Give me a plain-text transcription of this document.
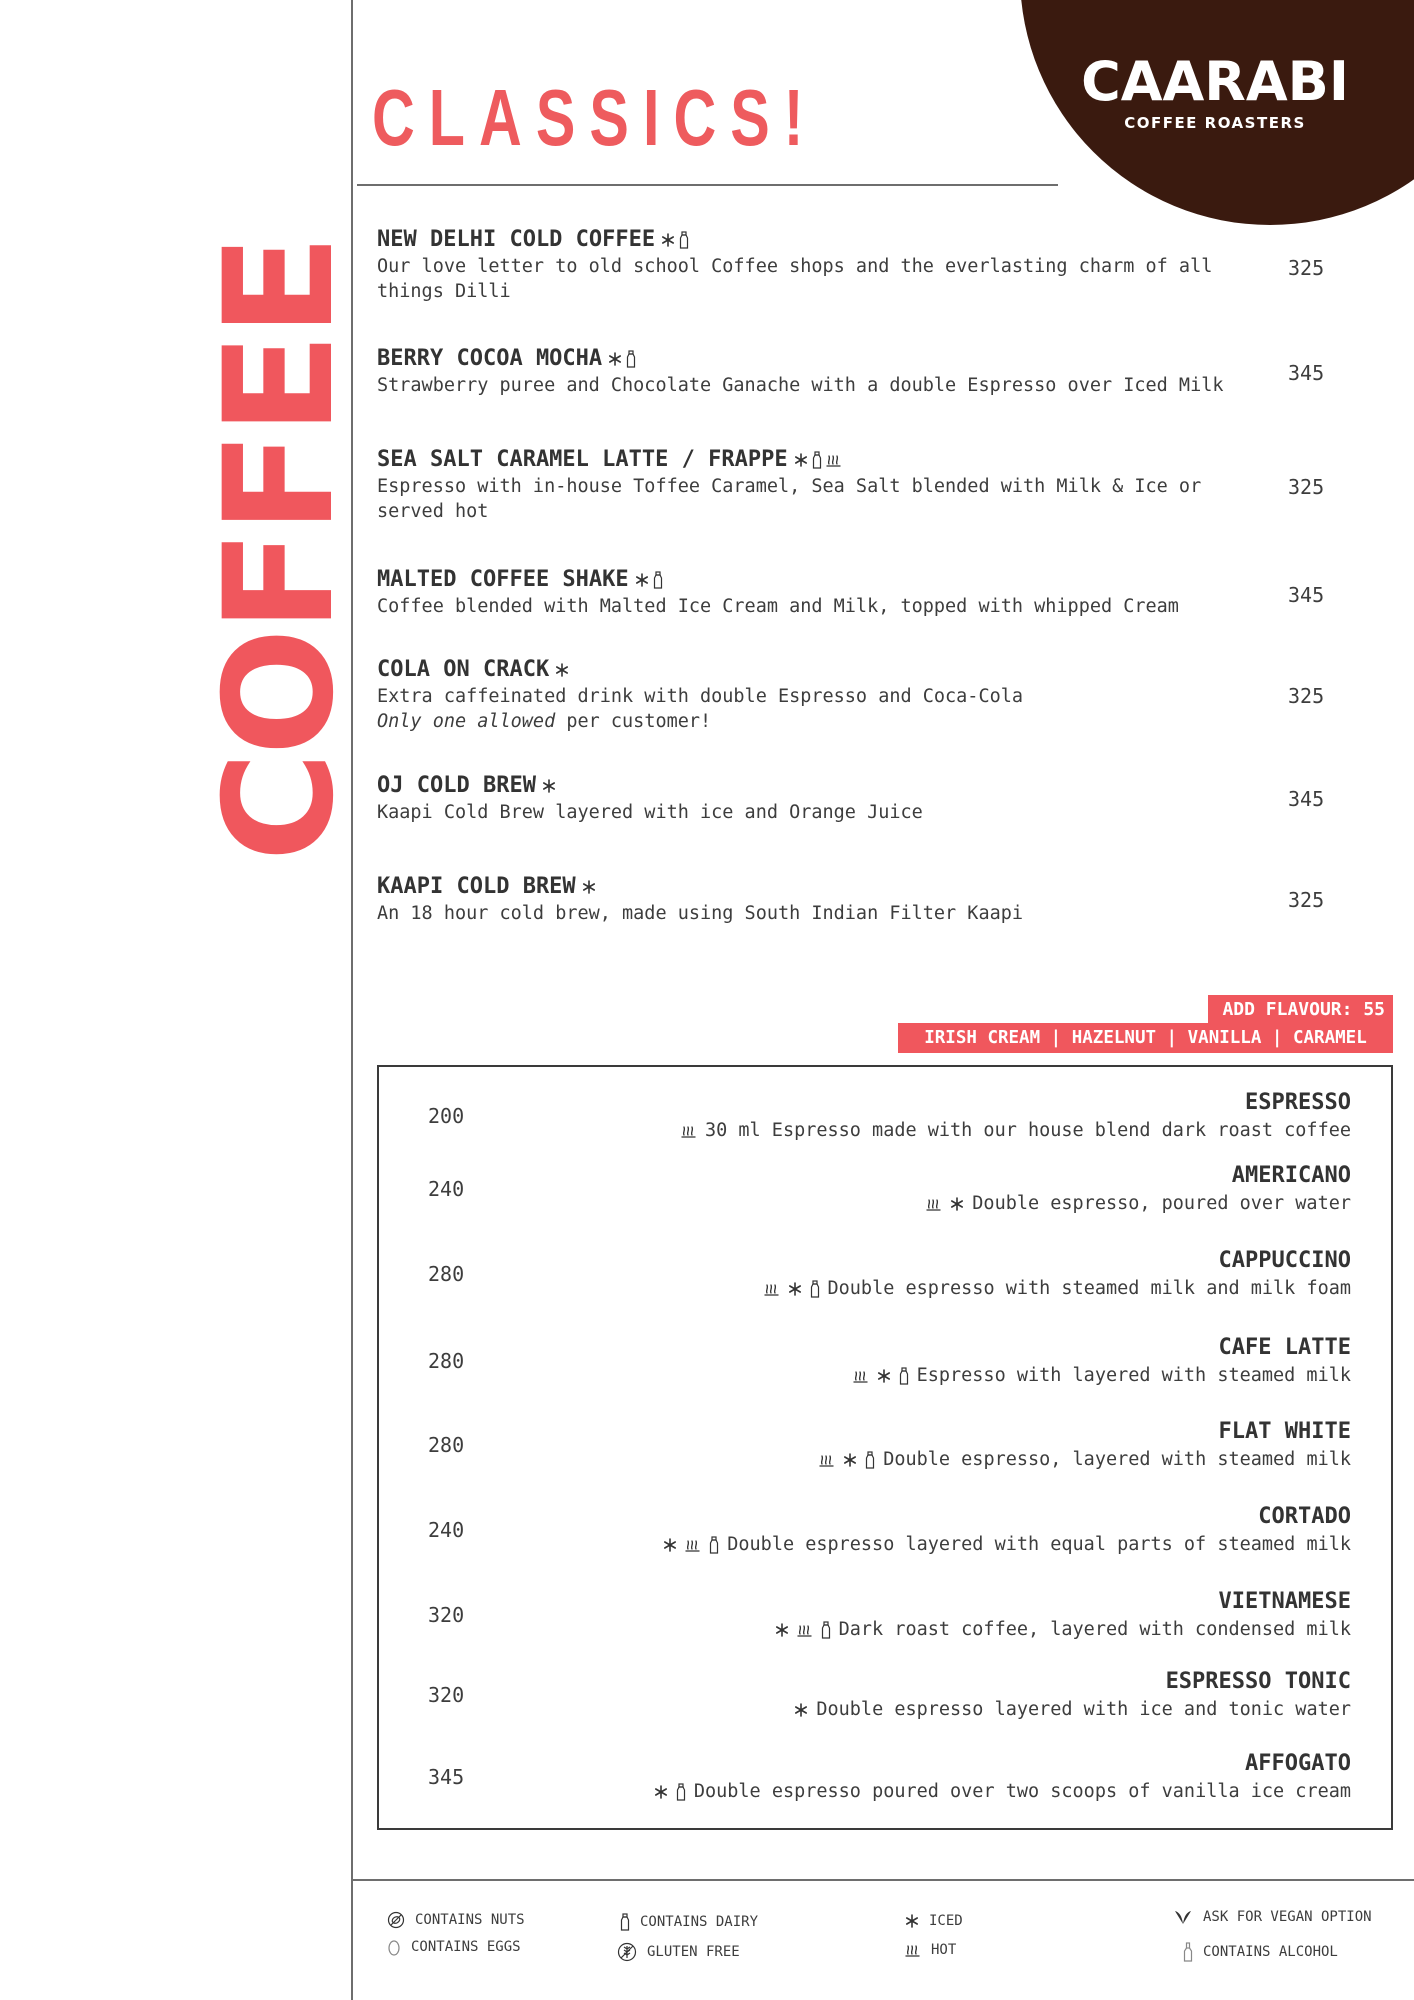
COFFEE
CLASSICS!	CAARABI
COFFEE ROASTERS
NEW DELHI COLD COFFEE
Our love letter to old school Coffee shops and the everlasting charm of all things Dilli
325
BERRY COCOA MOCHA
Strawberry puree and Chocolate Ganache with a double Espresso over Iced Milk
345
SEA SALT CARAMEL LATTE / FRAPPE
Espresso with in-house Toffee Caramel, Sea Salt blended with Milk & Ice or served hot
325
MALTED COFFEE SHAKE
Coffee blended with Malted Ice Cream and Milk, topped with whipped Cream	345
COLA ON CRACK
Extra caffeinated drink with double Espresso and Coca-Cola
Only one allowed per customer!
325
OJ COLD BREW
Kaapi Cold Brew layered with ice and Orange Juice
345
KAAPI COLD BREW
An 18 hour cold brew, made using South Indian Filter Kaapi
325
ADD FLAVOUR: 55
IRISH CREAM | HAZELNUT | VANILLA | CARAMEL
200
ESPRESSO
30 ml Espresso made with our house blend dark roast coffee
240
AMERICANO
Double espresso, poured over water
280
CAPPUCCINO
Double espresso with steamed milk and milk foam
280
CAFE LATTE
Espresso with layered with steamed milk
280
FLAT WHITE
Double espresso, layered with steamed milk
240
CORTADO
Double espresso layered with equal parts of steamed milk
320
VIETNAMESE
Dark roast coffee, layered with condensed milk
320
ESPRESSO TONIC
Double espresso layered with ice and tonic water
345
AFFOGATO
Double espresso poured over two scoops of vanilla ice cream
CONTAINS NUTS
CONTAINS EGGS
CONTAINS DAIRY
GLUTEN FREE
ICED
HOT
ASK FOR VEGAN OPTION
CONTAINS ALCOHOL
